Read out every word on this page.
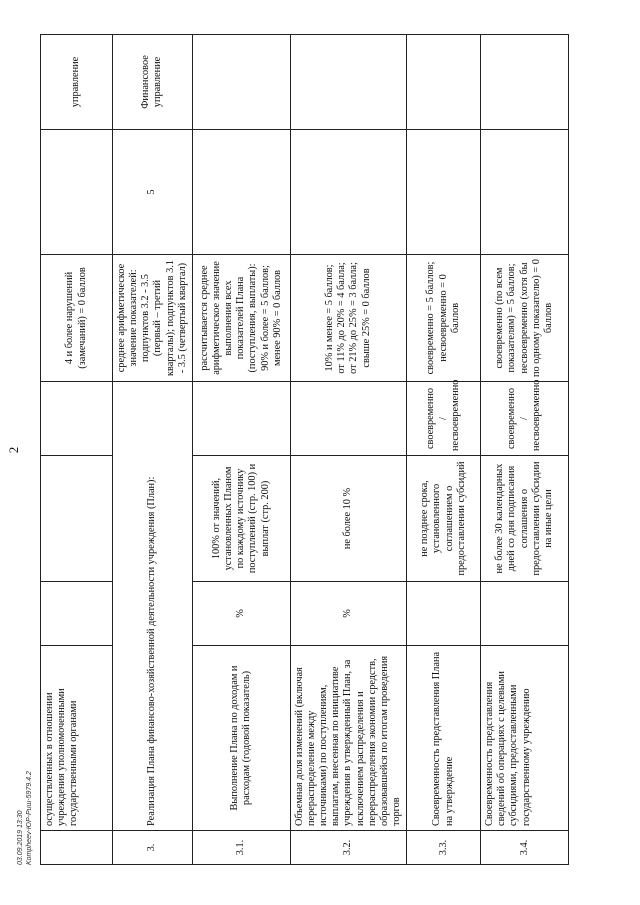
2
	осуществленных в отношении учреждения уполномоченными государственными органами				4 и более нарушений (замечаний) = 0 баллов		управление
3.	Реализация Плана финансово-хозяйственной деятельности учреждения (План):				среднее арифметическое значение показателей: подпунктов 3.2 - 3.5 (первый – третий кварталы); подпунктов 3.1 - 3.5 (четвертый квартал)	5	Финансовое управление
3.1.	Выполнение Плана по доходам и расходам (годовой показатель)	%	100% от значений, установленных Планом по каждому источнику поступлений (стр. 100) и выплат (стр. 200)		рассчитывается среднее арифметическое значение выполнения всех показателей Плана (поступления, выплаты): 90% и более = 5 баллов; менее 90% = 0 баллов		
3.2.	Объемная доля изменений (включая перераспределение между источниками) по поступлениям, выплатам, внесенная по инициативе учреждения в утвержденный План, за исключением распределения и перераспределения экономии средств, образовавшейся по итогам проведения торгов	%	не более 10 %		10% и менее = 5 баллов; от 11% до 20% = 4 балла; от 21% до 25% = 3 балла; свыше 25% = 0 баллов		
3.3.	Своевременность представления Плана на утверждение		не позднее срока, установленного соглашением о предоставлении субсидий	своевременно / несвоевременно	своевременно = 5 баллов; несвоевременно = 0 баллов		
3.4.	Своевременность представления сведений об операциях с целевыми субсидиями, предоставленными государственному учреждению		не более 30 календарных дней со дня подписания соглашения о предоставлении субсидии на иные цели	своевременно / несвоевременно	своевременно (по всем показателям) = 5 баллов; несвоевременно (хотя бы по одному показателю) = 0 баллов		
03.09.2019 13:30 Kompheev-ЮР-Риш-5979.4.2
